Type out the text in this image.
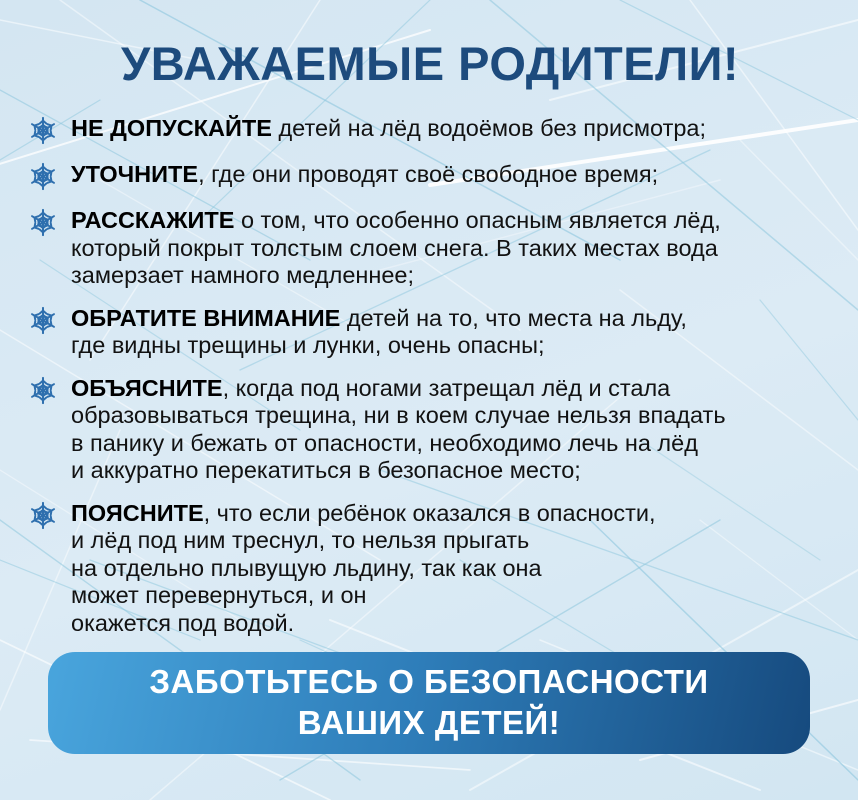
УВАЖАЕМЫЕ РОДИТЕЛИ!
НЕ ДОПУСКАЙТЕ детей на лёд водоёмов без присмотра;
УТОЧНИТЕ, где они проводят своё свободное время;
РАССКАЖИТЕ о том, что особенно опасным является лёд,
который покрыт толстым слоем снега. В таких местах вода
замерзает намного медленнее;
ОБРАТИТЕ ВНИМАНИЕ детей на то, что места на льду,
где видны трещины и лунки, очень опасны;
ОБЪЯСНИТЕ, когда под ногами затрещал лёд и стала
образовываться трещина, ни в коем случае нельзя впадать
в панику и бежать от опасности, необходимо лечь на лёд
и аккуратно перекатиться в безопасное место;
ПОЯСНИТЕ, что если ребёнок оказался в опасности,
и лёд под ним треснул, то нельзя прыгать
на отдельно плывущую льдину, так как она
может перевернуться, и он
окажется под водой.
ЗАБОТЬТЕСЬ О БЕЗОПАСНОСТИ
ВАШИХ ДЕТЕЙ!
